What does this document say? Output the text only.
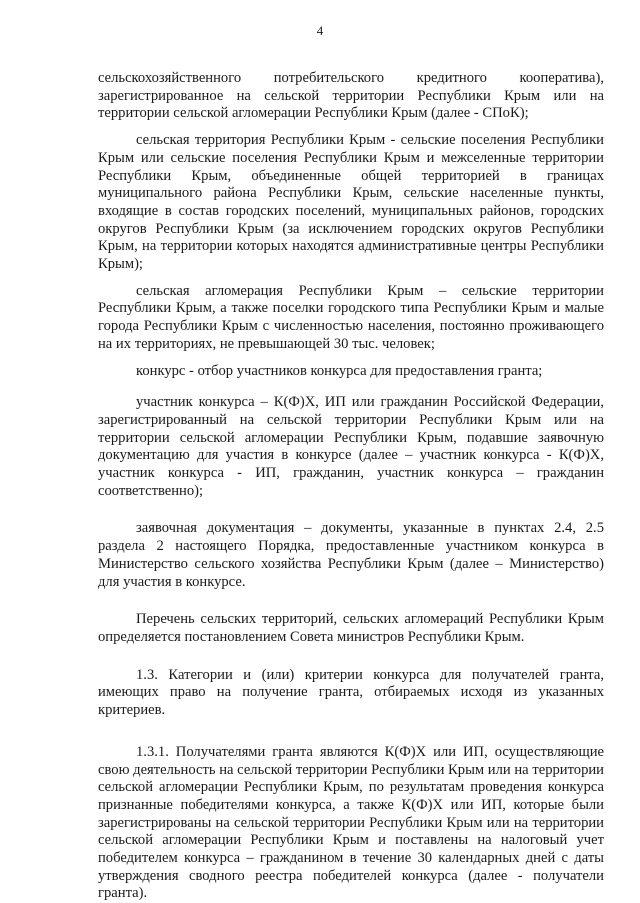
4

сельскохозяйственного потребительского кредитного кооператива), зарегистрированное на сельской территории Республики Крым или на территории сельской агломерации Республики Крым (далее - СПоК);

сельская территория Республики Крым - сельские поселения Республики Крым или сельские поселения Республики Крым и межселенные территории Республики Крым, объединенные общей территорией в границах муниципального района Республики Крым, сельские населенные пункты, входящие в состав городских поселений, муниципальных районов, городских округов Республики Крым (за исключением городских округов Республики Крым, на территории которых находятся административные центры Республики Крым);

сельская агломерация Республики Крым – сельские территории Республики Крым, а также поселки городского типа Республики Крым и малые города Республики Крым с численностью населения, постоянно проживающего на их территориях, не превышающей 30 тыс. человек;

конкурс - отбор участников конкурса для предоставления гранта;

участник конкурса – К(Ф)Х, ИП или гражданин Российской Федерации, зарегистрированный на сельской территории Республики Крым или на территории сельской агломерации Республики Крым, подавшие заявочную документацию для участия в конкурсе (далее – участник конкурса - К(Ф)Х, участник конкурса - ИП, гражданин, участник конкурса – гражданин соответственно);

заявочная документация – документы, указанные в пунктах 2.4, 2.5 раздела 2 настоящего Порядка, предоставленные участником конкурса в Министерство сельского хозяйства Республики Крым (далее – Министерство) для участия в конкурсе.

Перечень сельских территорий, сельских агломераций Республики Крым определяется постановлением Совета министров Республики Крым.

1.3. Категории и (или) критерии конкурса для получателей гранта, имеющих право на получение гранта, отбираемых исходя из указанных критериев.

1.3.1. Получателями гранта являются К(Ф)Х или ИП, осуществляющие свою деятельность на сельской территории Республики Крым или на территории сельской агломерации Республики Крым, по результатам проведения конкурса признанные победителями конкурса, а также К(Ф)Х или ИП, которые были зарегистрированы на сельской территории Республики Крым или на территории сельской агломерации Республики Крым и поставлены на налоговый учет победителем конкурса – гражданином в течение 30 календарных дней с даты утверждения сводного реестра победителей конкурса (далее - получатели гранта).
